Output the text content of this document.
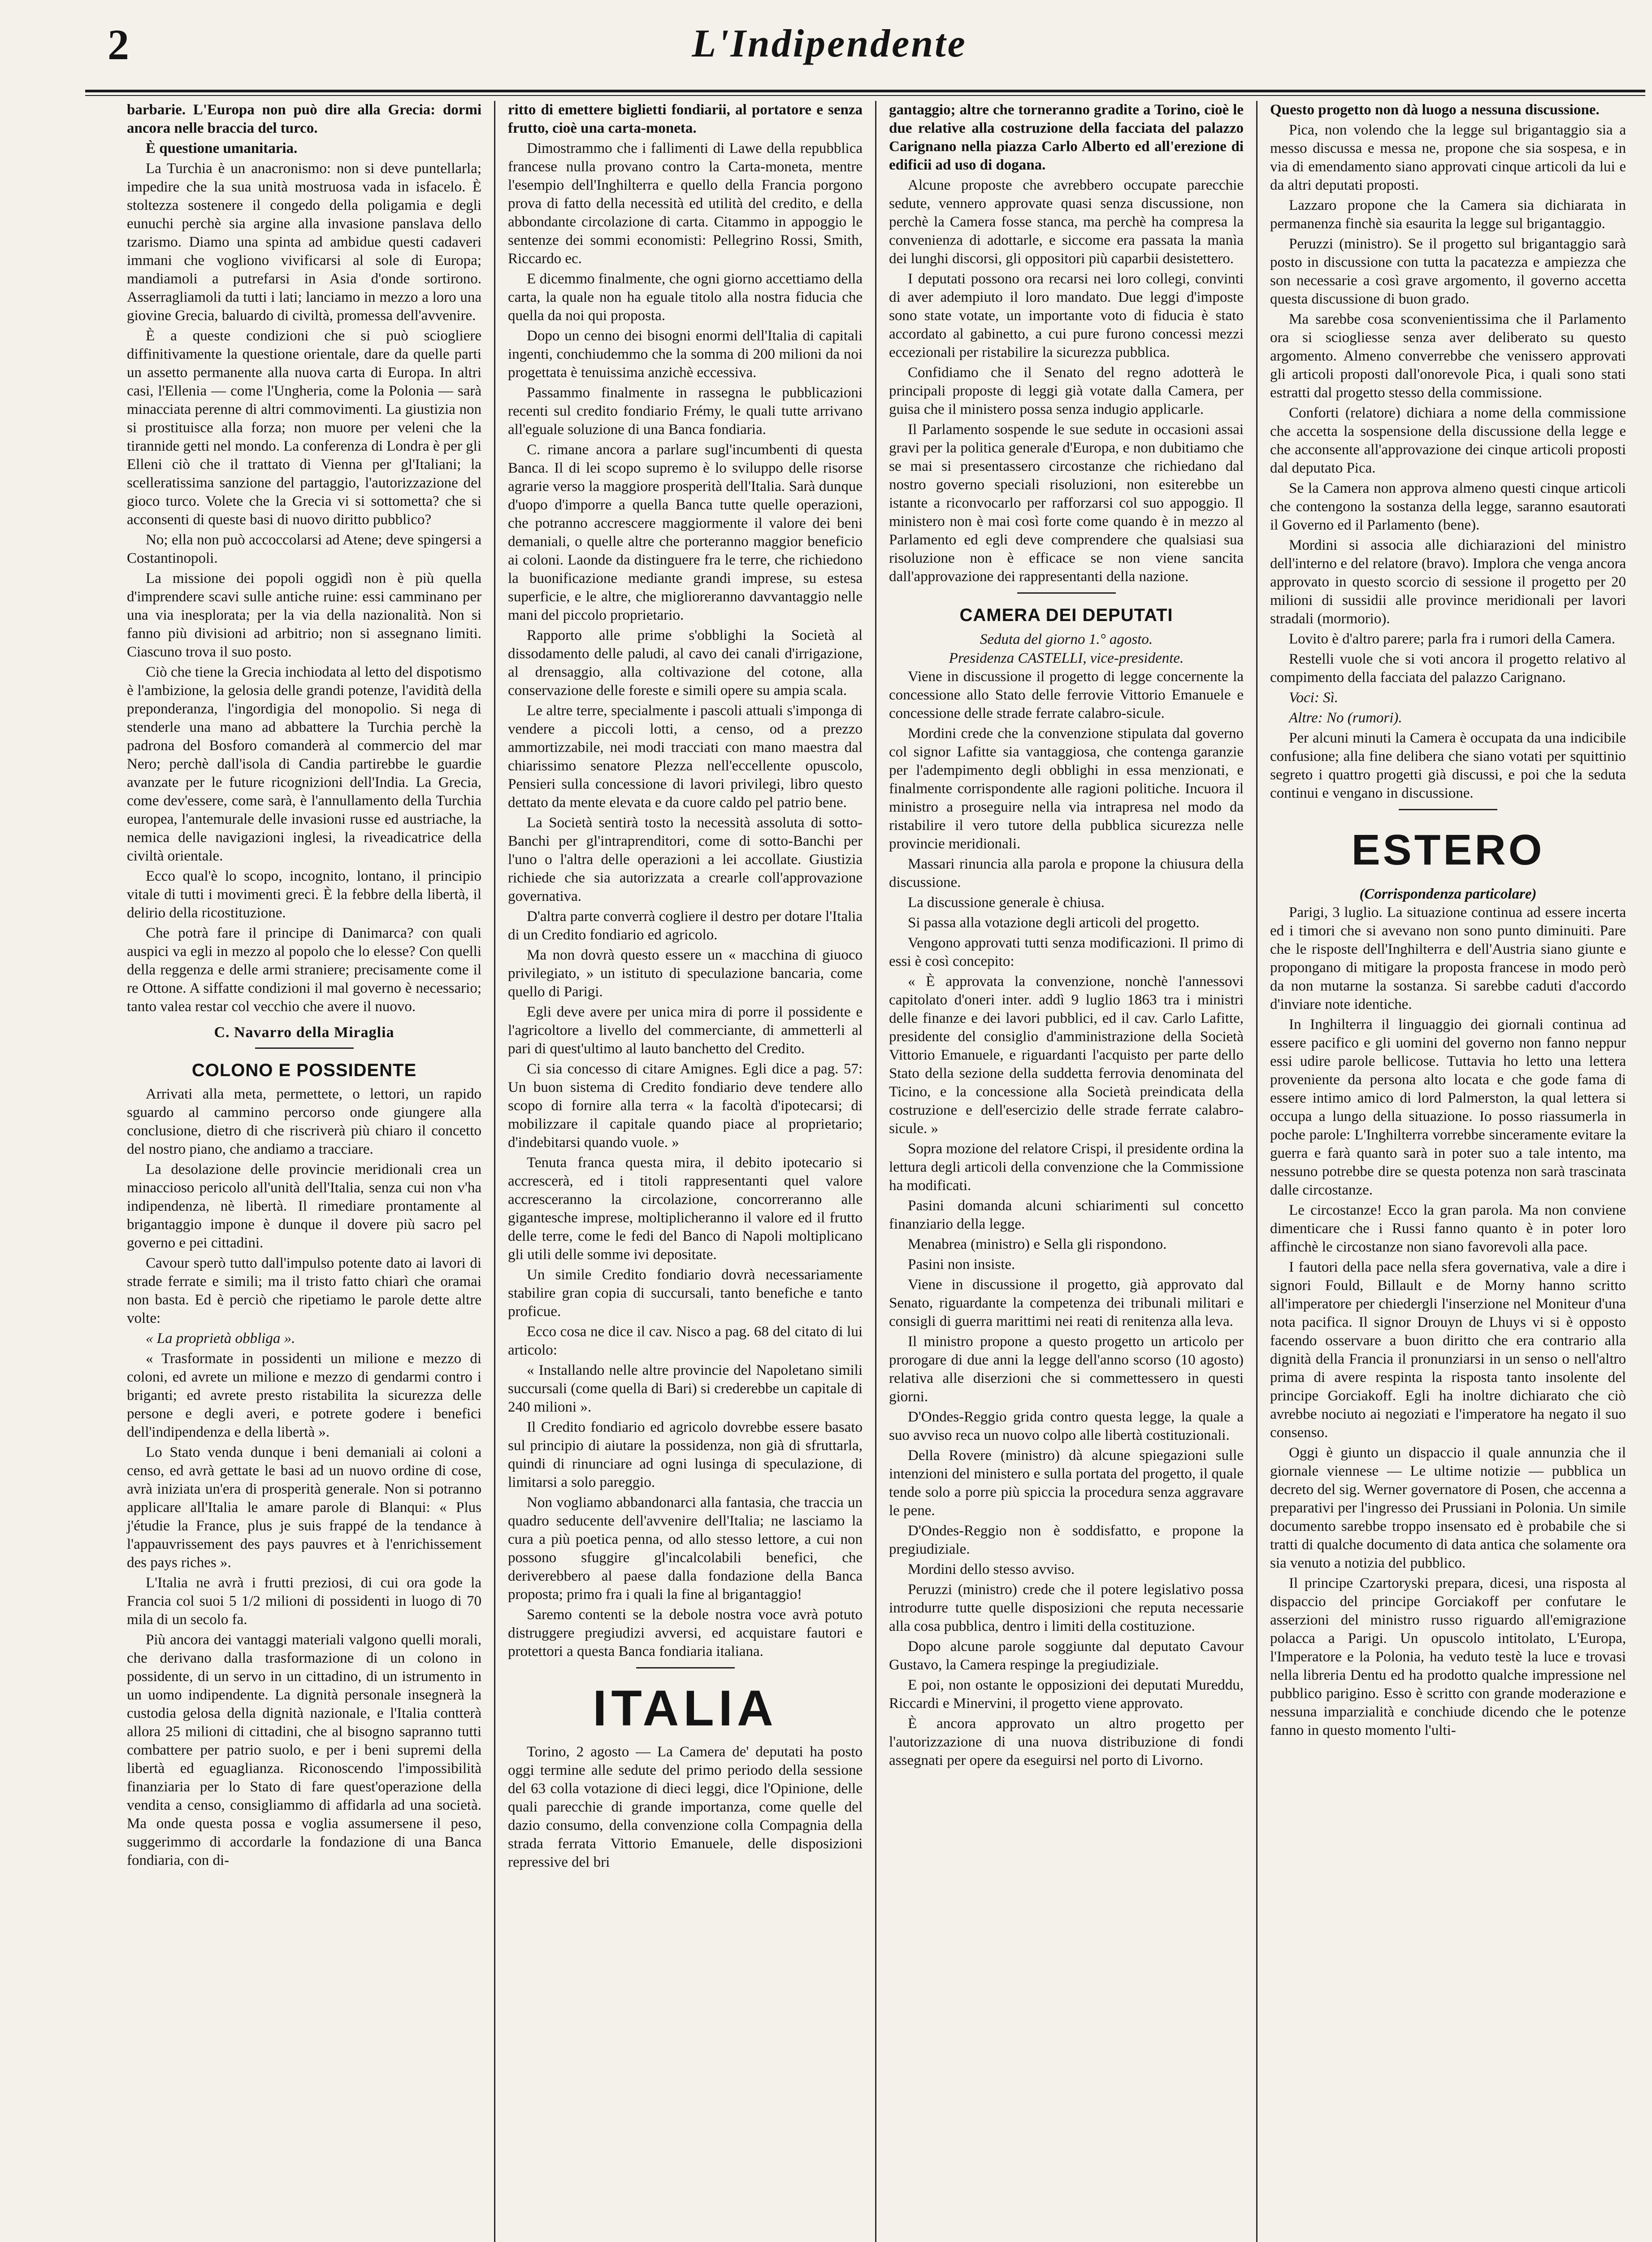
2	L'Indipendente

barbarie. L'Europa non può dire alla Grecia: dormi ancora nelle braccia del turco.

È questione umanitaria.

La Turchia è un anacronismo: non si deve puntellarla; impedire che la sua unità mostruosa vada in isfacelo. È stoltezza sostenere il congedo della poligamia e degli eunuchi perchè sia argine alla invasione panslava dello tzarismo. Diamo una spinta ad ambidue questi cadaveri immani che vogliono vivificarsi al sole di Europa; mandiamoli a putrefarsi in Asia d'onde sortirono. Asserragliamoli da tutti i lati; lanciamo in mezzo a loro una giovine Grecia, baluardo di civiltà, promessa dell'avvenire.

È a queste condizioni che si può sciogliere diffinitivamente la questione orientale, dare da quelle parti un assetto permanente alla nuova carta di Europa. In altri casi, l'Ellenia — come l'Ungheria, come la Polonia — sarà minacciata perenne di altri commovimenti. La giustizia non si prostituisce alla forza; non muore per veleni che la tirannide getti nel mondo. La conferenza di Londra è per gli Elleni ciò che il trattato di Vienna per gl'Italiani; la scelleratissima sanzione del partaggio, l'autorizzazione del gioco turco. Volete che la Grecia vi si sottometta? che si acconsenti di queste basi di nuovo diritto pubblico?

No; ella non può accoccolarsi ad Atene; deve spingersi a Costantinopoli.

La missione dei popoli oggidì non è più quella d'imprendere scavi sulle antiche ruine: essi camminano per una via inesplorata; per la via della nazionalità. Non si fanno più divisioni ad arbitrio; non si assegnano limiti. Ciascuno trova il suo posto.

Ciò che tiene la Grecia inchiodata al letto del dispotismo è l'ambizione, la gelosia delle grandi potenze, l'avidità della preponderanza, l'ingordigia del monopolio. Si nega di stenderle una mano ad abbattere la Turchia perchè la padrona del Bosforo comanderà al commercio del mar Nero; perchè dall'isola di Candia partirebbe le guardie avanzate per le future ricognizioni dell'India. La Grecia, come dev'essere, come sarà, è l'annullamento della Turchia europea, l'antemurale delle invasioni russe ed austriache, la nemica delle navigazioni inglesi, la riveadicatrice della civiltà orientale.

Ecco qual'è lo scopo, incognito, lontano, il principio vitale di tutti i movimenti greci. È la febbre della libertà, il delirio della ricostituzione.

Che potrà fare il principe di Danimarca? con quali auspici va egli in mezzo al popolo che lo elesse? Con quelli della reggenza e delle armi straniere; precisamente come il re Ottone. A siffatte condizioni il mal governo è necessario; tanto valea restar col vecchio che avere il nuovo.

C. Navarro della Miraglia
COLONO E POSSIDENTE

Arrivati alla meta, permettete, o lettori, un rapido sguardo al cammino percorso onde giungere alla conclusione, dietro di che riscriverà più chiaro il concetto del nostro piano, che andiamo a tracciare.

La desolazione delle provincie meridionali crea un minaccioso pericolo all'unità dell'Italia, senza cui non v'ha indipendenza, nè libertà. Il rimediare prontamente al brigantaggio impone è dunque il dovere più sacro pel governo e pei cittadini.

Cavour sperò tutto dall'impulso potente dato ai lavori di strade ferrate e simili; ma il tristo fatto chiarì che oramai non basta. Ed è perciò che ripetiamo le parole dette altre volte:

« La proprietà obbliga ».

« Trasformate in possidenti un milione e mezzo di coloni, ed avrete un milione e mezzo di gendarmi contro i briganti; ed avrete presto ristabilita la sicurezza delle persone e degli averi, e potrete godere i benefici dell'indipendenza e della libertà ».

Lo Stato venda dunque i beni demaniali ai coloni a censo, ed avrà gettate le basi ad un nuovo ordine di cose, avrà iniziata un'era di prosperità generale. Non si potranno applicare all'Italia le amare parole di Blanqui: « Plus j'étudie la France, plus je suis frappé de la tendance à l'appauvrissement des pays pauvres et à l'enrichissement des pays riches ».

L'Italia ne avrà i frutti preziosi, di cui ora gode la Francia col suoi 5 1/2 milioni di possidenti in luogo di 70 mila di un secolo fa.

Più ancora dei vantaggi materiali valgono quelli morali, che derivano dalla trasformazione di un colono in possidente, di un servo in un cittadino, di un istrumento in un uomo indipendente. La dignità personale insegnerà la custodia gelosa della dignità nazionale, e l'Italia contterà allora 25 milioni di cittadini, che al bisogno sapranno tutti combattere per patrio suolo, e per i beni supremi della libertà ed eguaglianza. Riconoscendo l'impossibilità finanziaria per lo Stato di fare quest'operazione della vendita a censo, consigliammo di affidarla ad una società. Ma onde questa possa e voglia assumersene il peso, suggerimmo di accordarle la fondazione di una Banca fondiaria, con di-

ritto di emettere biglietti fondiarii, al portatore e senza frutto, cioè una carta-moneta.

Dimostrammo che i fallimenti di Lawe della repubblica francese nulla provano contro la Carta-moneta, mentre l'esempio dell'Inghilterra e quello della Francia porgono prova di fatto della necessità ed utilità del credito, e della abbondante circolazione di carta. Citammo in appoggio le sentenze dei sommi economisti: Pellegrino Rossi, Smith, Riccardo ec.

E dicemmo finalmente, che ogni giorno accettiamo della carta, la quale non ha eguale titolo alla nostra fiducia che quella da noi qui proposta.

Dopo un cenno dei bisogni enormi dell'Italia di capitali ingenti, conchiudemmo che la somma di 200 milioni da noi progettata è tenuissima anzichè eccessiva.

Passammo finalmente in rassegna le pubblicazioni recenti sul credito fondiario Frémy, le quali tutte arrivano all'eguale soluzione di una Banca fondiaria.

C. rimane ancora a parlare sugl'incumbenti di questa Banca. Il di lei scopo supremo è lo sviluppo delle risorse agrarie verso la maggiore prosperità dell'Italia. Sarà dunque d'uopo d'imporre a quella Banca tutte quelle operazioni, che potranno accrescere maggiormente il valore dei beni demaniali, o quelle altre che porteranno maggior beneficio ai coloni. Laonde da distinguere fra le terre, che richiedono la buonificazione mediante grandi imprese, su estesa superficie, e le altre, che miglioreranno davvantaggio nelle mani del piccolo proprietario.

Rapporto alle prime s'obblighi la Società al dissodamento delle paludi, al cavo dei canali d'irrigazione, al drensaggio, alla coltivazione del cotone, alla conservazione delle foreste e simili opere su ampia scala.

Le altre terre, specialmente i pascoli attuali s'imponga di vendere a piccoli lotti, a censo, od a prezzo ammortizzabile, nei modi tracciati con mano maestra dal chiarissimo senatore Plezza nell'eccellente opuscolo, Pensieri sulla concessione di lavori privilegi, libro questo dettato da mente elevata e da cuore caldo pel patrio bene.

La Società sentirà tosto la necessità assoluta di sotto-Banchi per gl'intraprenditori, come di sotto-Banchi per l'uno o l'altra delle operazioni a lei accollate. Giustizia richiede che sia autorizzata a crearle coll'approvazione governativa.

D'altra parte converrà cogliere il destro per dotare l'Italia di un Credito fondiario ed agricolo.

Ma non dovrà questo essere un « macchina di giuoco privilegiato, » un istituto di speculazione bancaria, come quello di Parigi.

Egli deve avere per unica mira di porre il possidente e l'agricoltore a livello del commerciante, di ammetterli al pari di quest'ultimo al lauto banchetto del Credito.

Ci sia concesso di citare Amignes. Egli dice a pag. 57: Un buon sistema di Credito fondiario deve tendere allo scopo di fornire alla terra « la facoltà d'ipotecarsi; di mobilizzare il capitale quando piace al proprietario; d'indebitarsi quando vuole. »

Tenuta franca questa mira, il debito ipotecario si accrescerà, ed i titoli rappresentanti quel valore accresceranno la circolazione, concorreranno alle gigantesche imprese, moltiplicheranno il valore ed il frutto delle terre, come le fedi del Banco di Napoli moltiplicano gli utili delle somme ivi depositate.

Un simile Credito fondiario dovrà necessariamente stabilire gran copia di succursali, tanto benefiche e tanto proficue.

Ecco cosa ne dice il cav. Nisco a pag. 68 del citato di lui articolo:

« Installando nelle altre provincie del Napoletano simili succursali (come quella di Bari) si crederebbe un capitale di 240 milioni ».

Il Credito fondiario ed agricolo dovrebbe essere basato sul principio di aiutare la possidenza, non già di sfruttarla, quindi di rinunciare ad ogni lusinga di speculazione, di limitarsi a solo pareggio.

Non vogliamo abbandonarci alla fantasia, che traccia un quadro seducente dell'avvenire dell'Italia; ne lasciamo la cura a più poetica penna, od allo stesso lettore, a cui non possono sfuggire gl'incalcolabili benefici, che deriverebbero al paese dalla fondazione della Banca proposta; primo fra i quali la fine al brigantaggio!

Saremo contenti se la debole nostra voce avrà potuto distruggere pregiudizi avversi, ed acquistare fautori e protettori a questa Banca fondiaria italiana.

ITALIA

Torino, 2 agosto — La Camera de' deputati ha posto oggi termine alle sedute del primo periodo della sessione del 63 colla votazione di dieci leggi, dice l'Opinione, delle quali parecchie di grande importanza, come quelle del dazio consumo, della convenzione colla Compagnia della strada ferrata Vittorio Emanuele, delle disposizioni repressive del bri

gantaggio; altre che torneranno gradite a Torino, cioè le due relative alla costruzione della facciata del palazzo Carignano nella piazza Carlo Alberto ed all'erezione di edificii ad uso di dogana.

Alcune proposte che avrebbero occupate parecchie sedute, vennero approvate quasi senza discussione, non perchè la Camera fosse stanca, ma perchè ha compresa la convenienza di adottarle, e siccome era passata la manìa dei lunghi discorsi, gli oppositori più caparbii desistettero.

I deputati possono ora recarsi nei loro collegi, convinti di aver adempiuto il loro mandato. Due leggi d'imposte sono state votate, un importante voto di fiducia è stato accordato al gabinetto, a cui pure furono concessi mezzi eccezionali per ristabilire la sicurezza pubblica.

Confidiamo che il Senato del regno adotterà le principali proposte di leggi già votate dalla Camera, per guisa che il ministero possa senza indugio applicarle.

Il Parlamento sospende le sue sedute in occasioni assai gravi per la politica generale d'Europa, e non dubitiamo che se mai si presentassero circostanze che richiedano dal nostro governo speciali risoluzioni, non esiterebbe un istante a riconvocarlo per rafforzarsi col suo appoggio. Il ministero non è mai così forte come quando è in mezzo al Parlamento ed egli deve comprendere che qualsiasi sua risoluzione non è efficace se non viene sancita dall'approvazione dei rappresentanti della nazione.

CAMERA DEI DEPUTATI

Seduta del giorno 1.° agosto.

Presidenza CASTELLI, vice-presidente.

Viene in discussione il progetto di legge concernente la concessione allo Stato delle ferrovie Vittorio Emanuele e concessione delle strade ferrate calabro-sicule.

Mordini crede che la convenzione stipulata dal governo col signor Lafitte sia vantaggiosa, che contenga garanzie per l'adempimento degli obblighi in essa menzionati, e finalmente corrispondente alle ragioni politiche. Incuora il ministro a proseguire nella via intrapresa nel modo da ristabilire il vero tutore della pubblica sicurezza nelle provincie meridionali.

Massari rinuncia alla parola e propone la chiusura della discussione.

La discussione generale è chiusa.

Si passa alla votazione degli articoli del progetto.

Vengono approvati tutti senza modificazioni. Il primo di essi è così concepito:

« È approvata la convenzione, nonchè l'annessovi capitolato d'oneri inter. addì 9 luglio 1863 tra i ministri delle finanze e dei lavori pubblici, ed il cav. Carlo Lafitte, presidente del consiglio d'amministrazione della Società Vittorio Emanuele, e riguardanti l'acquisto per parte dello Stato della sezione della suddetta ferrovia denominata del Ticino, e la concessione alla Società preindicata della costruzione e dell'esercizio delle strade ferrate calabro-sicule. »

Sopra mozione del relatore Crispi, il presidente ordina la lettura degli articoli della convenzione che la Commissione ha modificati.

Pasini domanda alcuni schiarimenti sul concetto finanziario della legge.

Menabrea (ministro) e Sella gli rispondono.

Pasini non insiste.

Viene in discussione il progetto, già approvato dal Senato, riguardante la competenza dei tribunali militari e consigli di guerra marittimi nei reati di renitenza alla leva.

Il ministro propone a questo progetto un articolo per prorogare di due anni la legge dell'anno scorso (10 agosto) relativa alle diserzioni che si commettessero in questi giorni.

D'Ondes-Reggio grida contro questa legge, la quale a suo avviso reca un nuovo colpo alle libertà costituzionali.

Della Rovere (ministro) dà alcune spiegazioni sulle intenzioni del ministero e sulla portata del progetto, il quale tende solo a porre più spiccia la procedura senza aggravare le pene.

D'Ondes-Reggio non è soddisfatto, e propone la pregiudiziale.

Mordini dello stesso avviso.

Peruzzi (ministro) crede che il potere legislativo possa introdurre tutte quelle disposizioni che reputa necessarie alla cosa pubblica, dentro i limiti della costituzione.

Dopo alcune parole soggiunte dal deputato Cavour Gustavo, la Camera respinge la pregiudiziale.

E poi, non ostante le opposizioni dei deputati Mureddu, Riccardi e Minervini, il progetto viene approvato.

È ancora approvato un altro progetto per l'autorizzazione di una nuova distribuzione di fondi assegnati per opere da eseguirsi nel porto di Livorno.

Questo progetto non dà luogo a nessuna discussione.

Pica, non volendo che la legge sul brigantaggio sia a messo discussa e messa ne, propone che sia sospesa, e in via di emendamento siano approvati cinque articoli da lui e da altri deputati proposti.

Lazzaro propone che la Camera sia dichiarata in permanenza finchè sia esaurita la legge sul brigantaggio.

Peruzzi (ministro). Se il progetto sul brigantaggio sarà posto in discussione con tutta la pacatezza e ampiezza che son necessarie a così grave argomento, il governo accetta questa discussione di buon grado.

Ma sarebbe cosa sconvenientissima che il Parlamento ora si sciogliesse senza aver deliberato su questo argomento. Almeno converrebbe che venissero approvati gli articoli proposti dall'onorevole Pica, i quali sono stati estratti dal progetto stesso della commissione.

Conforti (relatore) dichiara a nome della commissione che accetta la sospensione della discussione della legge e che acconsente all'approvazione dei cinque articoli proposti dal deputato Pica.

Se la Camera non approva almeno questi cinque articoli che contengono la sostanza della legge, saranno esautorati il Governo ed il Parlamento (bene).

Mordini si associa alle dichiarazioni del ministro dell'interno e del relatore (bravo). Implora che venga ancora approvato in questo scorcio di sessione il progetto per 20 milioni di sussidii alle province meridionali per lavori stradali (mormorio).

Lovito è d'altro parere; parla fra i rumori della Camera.

Restelli vuole che si voti ancora il progetto relativo al compimento della facciata del palazzo Carignano.

Voci: Sì.

Altre: No (rumori).

Per alcuni minuti la Camera è occupata da una indicibile confusione; alla fine delibera che siano votati per squittinio segreto i quattro progetti già discussi, e poi che la seduta continui e vengano in discussione.

ESTERO

(Corrispondenza particolare)

Parigi, 3 luglio. La situazione continua ad essere incerta ed i timori che si avevano non sono punto diminuiti. Pare che le risposte dell'Inghilterra e dell'Austria siano giunte e propongano di mitigare la proposta francese in modo però da non mutarne la sostanza. Si sarebbe caduti d'accordo d'inviare note identiche.

In Inghilterra il linguaggio dei giornali continua ad essere pacifico e gli uomini del governo non fanno neppur essi udire parole bellicose. Tuttavia ho letto una lettera proveniente da persona alto locata e che gode fama di essere intimo amico di lord Palmerston, la qual lettera si occupa a lungo della situazione. Io posso riassumerla in poche parole: L'Inghilterra vorrebbe sinceramente evitare la guerra e farà quanto sarà in poter suo a tale intento, ma nessuno potrebbe dire se questa potenza non sarà trascinata dalle circostanze.

Le circostanze! Ecco la gran parola. Ma non conviene dimenticare che i Russi fanno quanto è in poter loro affinchè le circostanze non siano favorevoli alla pace.

I fautori della pace nella sfera governativa, vale a dire i signori Fould, Billault e de Morny hanno scritto all'imperatore per chiedergli l'inserzione nel Moniteur d'una nota pacifica. Il signor Drouyn de Lhuys vi si è opposto facendo osservare a buon diritto che era contrario alla dignità della Francia il pronunziarsi in un senso o nell'altro prima di avere respinta la risposta tanto insolente del principe Gorciakoff. Egli ha inoltre dichiarato che ciò avrebbe nociuto ai negoziati e l'imperatore ha negato il suo consenso.

Oggi è giunto un dispaccio il quale annunzia che il giornale viennese — Le ultime notizie — pubblica un decreto del sig. Werner governatore di Posen, che accenna a preparativi per l'ingresso dei Prussiani in Polonia. Un simile documento sarebbe troppo insensato ed è probabile che si tratti di qualche documento di data antica che solamente ora sia venuto a notizia del pubblico.

Il principe Czartoryski prepara, dicesi, una risposta al dispaccio del principe Gorciakoff per confutare le asserzioni del ministro russo riguardo all'emigrazione polacca a Parigi. Un opuscolo intitolato, L'Europa, l'Imperatore e la Polonia, ha veduto testè la luce e trovasi nella libreria Dentu ed ha prodotto qualche impressione nel pubblico parigino. Esso è scritto con grande moderazione e nessuna imparzialità e conchiude dicendo che le potenze fanno in questo momento l'ulti-
